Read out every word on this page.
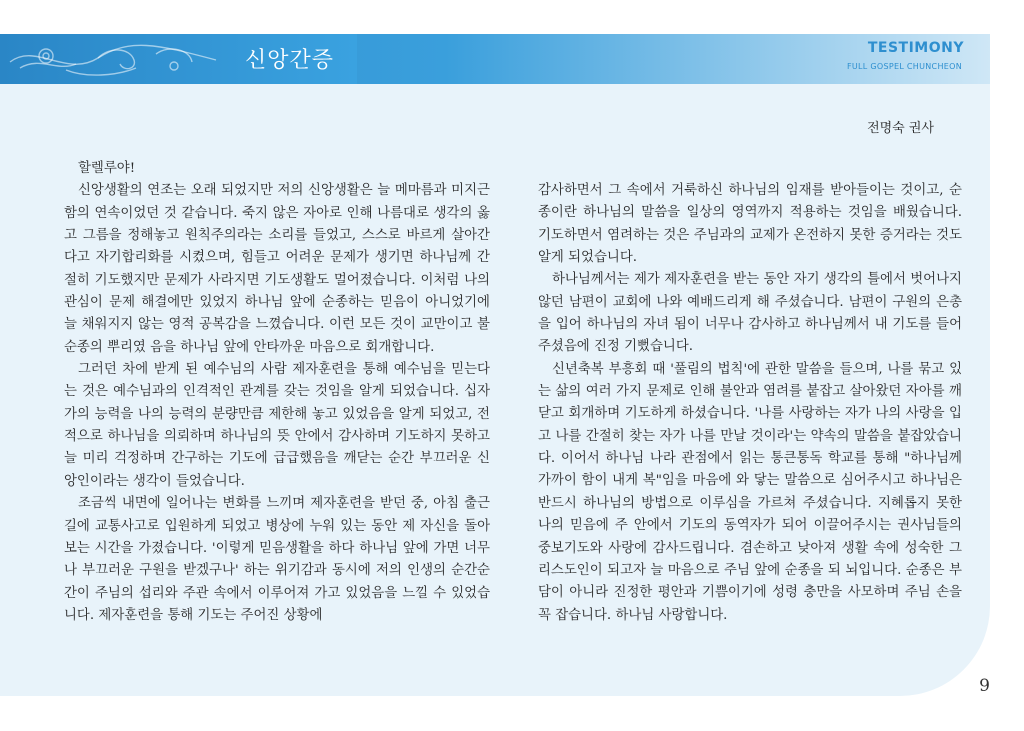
신앙간증	TESTIMONY
FULL GOSPEL CHUNCHEON
전명숙 권사

할렐루야!

신앙생활의 연조는 오래 되었지만 저의 신앙생활은 늘 메마름과 미지근함의 연속이었던 것 같습니다. 죽지 않은 자아로 인해 나름대로 생각의 옳고 그름을 정해놓고 원칙주의라는 소리를 들었고, 스스로 바르게 살아간다고 자기합리화를 시켰으며, 힘들고 어려운 문제가 생기면 하나님께 간절히 기도했지만 문제가 사라지면 기도생활도 멀어졌습니다. 이처럼 나의 관심이 문제 해결에만 있었지 하나님 앞에 순종하는 믿음이 아니었기에 늘 채워지지 않는 영적 공복감을 느꼈습니다. 이런 모든 것이 교만이고 불순종의 뿌리였 음을 하나님 앞에 안타까운 마음으로 회개합니다.

그러던 차에 받게 된 예수님의 사람 제자훈련을 통해 예수님을 믿는다는 것은 예수님과의 인격적인 관계를 갖는 것임을 알게 되었습니다. 십자가의 능력을 나의 능력의 분량만큼 제한해 놓고 있었음을 알게 되었고, 전적으로 하나님을 의뢰하며 하나님의 뜻 안에서 감사하며 기도하지 못하고 늘 미리 걱정하며 간구하는 기도에 급급했음을 깨닫는 순간 부끄러운 신앙인이라는 생각이 들었습니다.

조금씩 내면에 일어나는 변화를 느끼며 제자훈련을 받던 중, 아침 출근길에 교통사고로 입원하게 되었고 병상에 누워 있는 동안 제 자신을 돌아보는 시간을 가졌습니다. '이렇게 믿음생활을 하다 하나님 앞에 가면 너무나 부끄러운 구원을 받겠구나' 하는 위기감과 동시에 저의 인생의 순간순간이 주님의 섭리와 주관 속에서 이루어져 가고 있었음을 느낄 수 있었습니다. 제자훈련을 통해 기도는 주어진 상황에

감사하면서 그 속에서 거룩하신 하나님의 임재를 받아들이는 것이고, 순종이란 하나님의 말씀을 일상의 영역까지 적용하는 것임을 배웠습니다. 기도하면서 염려하는 것은 주님과의 교제가 온전하지 못한 증거라는 것도 알게 되었습니다.

하나님께서는 제가 제자훈련을 받는 동안 자기 생각의 틀에서 벗어나지 않던 남편이 교회에 나와 예배드리게 해 주셨습니다. 남편이 구원의 은총을 입어 하나님의 자녀 됨이 너무나 감사하고 하나님께서 내 기도를 들어주셨음에 진정 기뻤습니다.

신년축복 부흥회 때 '풀림의 법칙'에 관한 말씀을 들으며, 나를 묶고 있는 삶의 여러 가지 문제로 인해 불안과 염려를 붙잡고 살아왔던 자아를 깨닫고 회개하며 기도하게 하셨습니다. '나를 사랑하는 자가 나의 사랑을 입고 나를 간절히 찾는 자가 나를 만날 것이라'는 약속의 말씀을 붙잡았습니다. 이어서 하나님 나라 관점에서 읽는 통큰통독 학교를 통해 "하나님께 가까이 함이 내게 복"임을 마음에 와 닿는 말씀으로 심어주시고 하나님은 반드시 하나님의 방법으로 이루심을 가르쳐 주셨습니다. 지혜롭지 못한 나의 믿음에 주 안에서 기도의 동역자가 되어 이끌어주시는 권사님들의 중보기도와 사랑에 감사드립니다. 겸손하고 낮아져 생활 속에 성숙한 그리스도인이 되고자 늘 마음으로 주님 앞에 순종을 되 뇌입니다. 순종은 부담이 아니라 진정한 평안과 기쁨이기에 성령 충만을 사모하며 주님 손을 꼭 잡습니다. 하나님 사랑합니다.

9
